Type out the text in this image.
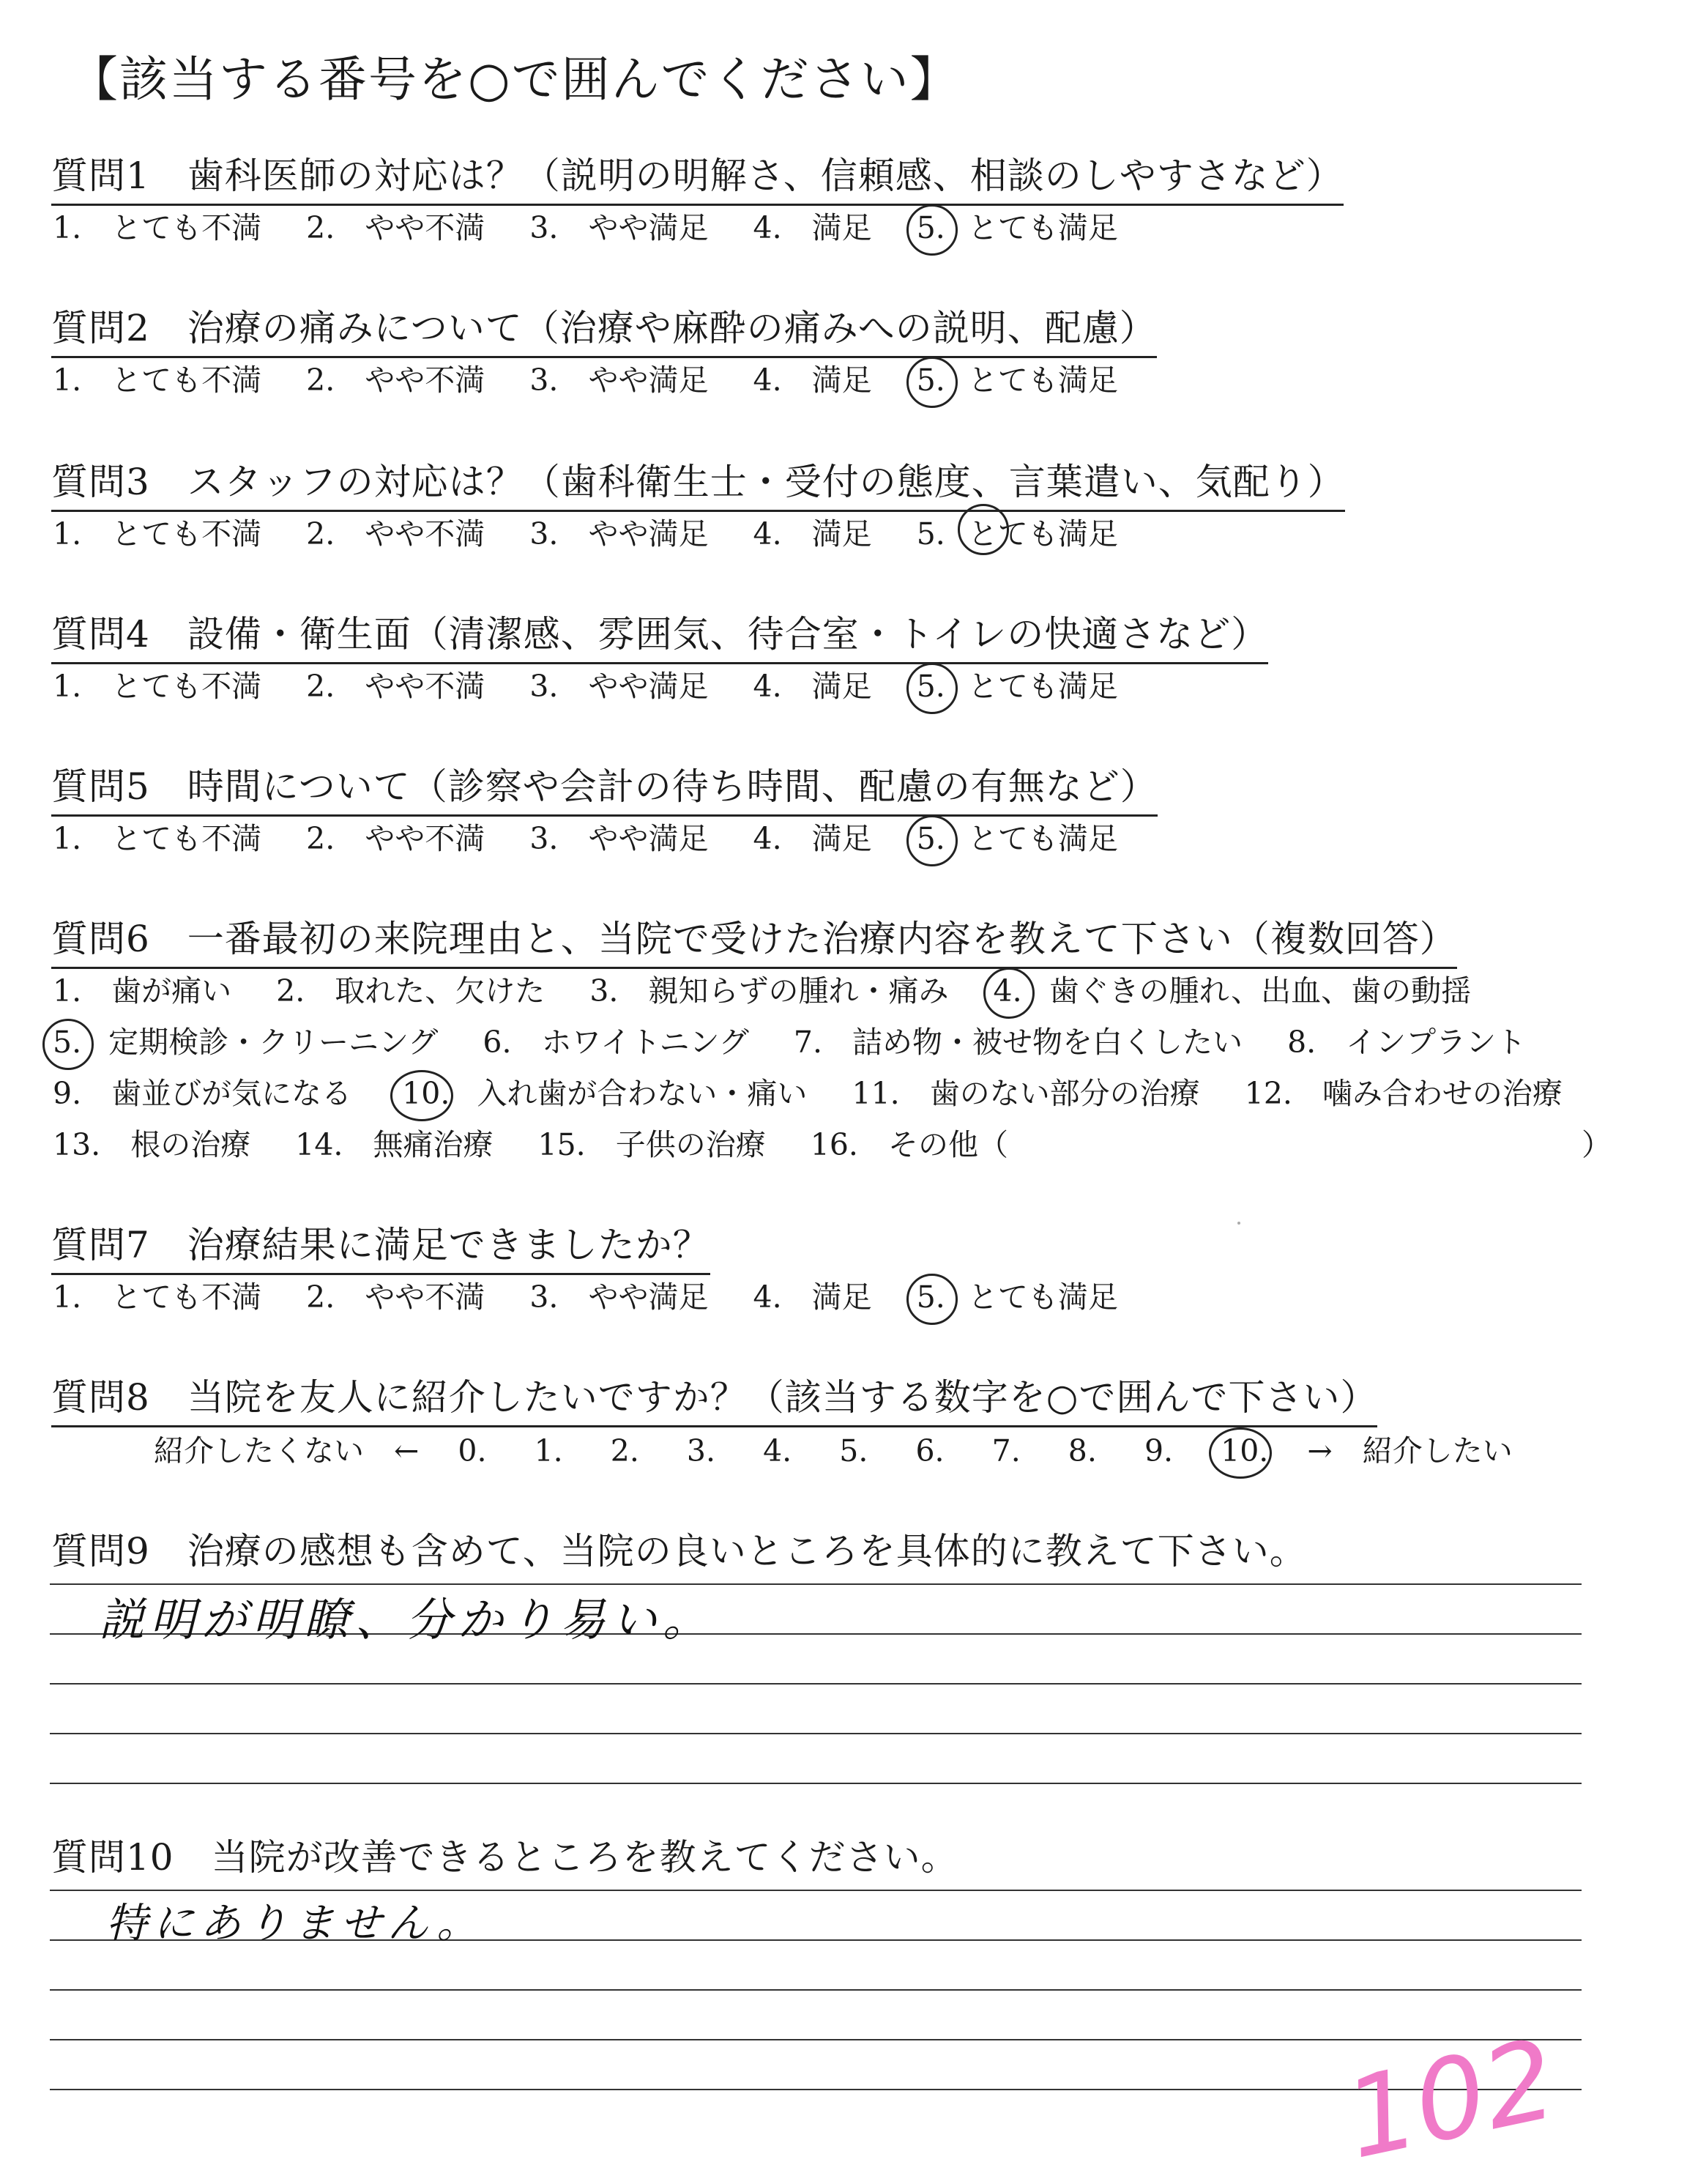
【該当する番号を○で囲んでください】
質問1　歯科医師の対応は？（説明の明解さ、信頼感、相談のしやすさなど）
1.　とても不満 2.　やや不満 3.　やや満足 4.　満足 5. とても満足
質問2　治療の痛みについて（治療や麻酔の痛みへの説明、配慮）
1.　とても不満 2.　やや不満 3.　やや満足 4.　満足 5. とても満足
質問3　スタッフの対応は？（歯科衛生士・受付の態度、言葉遣い、気配り）
1.　とても不満 2.　やや不満 3.　やや満足 4.　満足 5. とても満足
質問4　設備・衛生面（清潔感、雰囲気、待合室・トイレの快適さなど）
1.　とても不満 2.　やや不満 3.　やや満足 4.　満足 5. とても満足
質問5　時間について（診察や会計の待ち時間、配慮の有無など）
1.　とても不満 2.　やや不満 3.　やや満足 4.　満足 5. とても満足
質問6　一番最初の来院理由と、当院で受けた治療内容を教えて下さい（複数回答）
1.　歯が痛い 2.　取れた、欠けた 3.　親知らずの腫れ・痛み 4. 歯ぐきの腫れ、出血、歯の動揺
5. 定期検診・クリーニング 6.　ホワイトニング 7.　詰め物・被せ物を白くしたい 8.　インプラント
9.　歯並びが気になる 10. 入れ歯が合わない・痛い 11.　歯のない部分の治療 12.　噛み合わせの治療
13.　根の治療 14.　無痛治療 15.　子供の治療 16.　その他（	）
質問7　治療結果に満足できましたか？
1.　とても不満 2.　やや不満 3.　やや満足 4.　満足 5. とても満足
質問8　当院を友人に紹介したいですか？（該当する数字を○で囲んで下さい）
紹介したくない　← 0. 1. 2. 3. 4. 5. 6. 7. 8. 9. 10. →　紹介したい
質問9　治療の感想も含めて、当院の良いところを具体的に教えて下さい。
説明が明瞭、分かり易い。
質問10　当院が改善できるところを教えてください。
特にありません。
102
